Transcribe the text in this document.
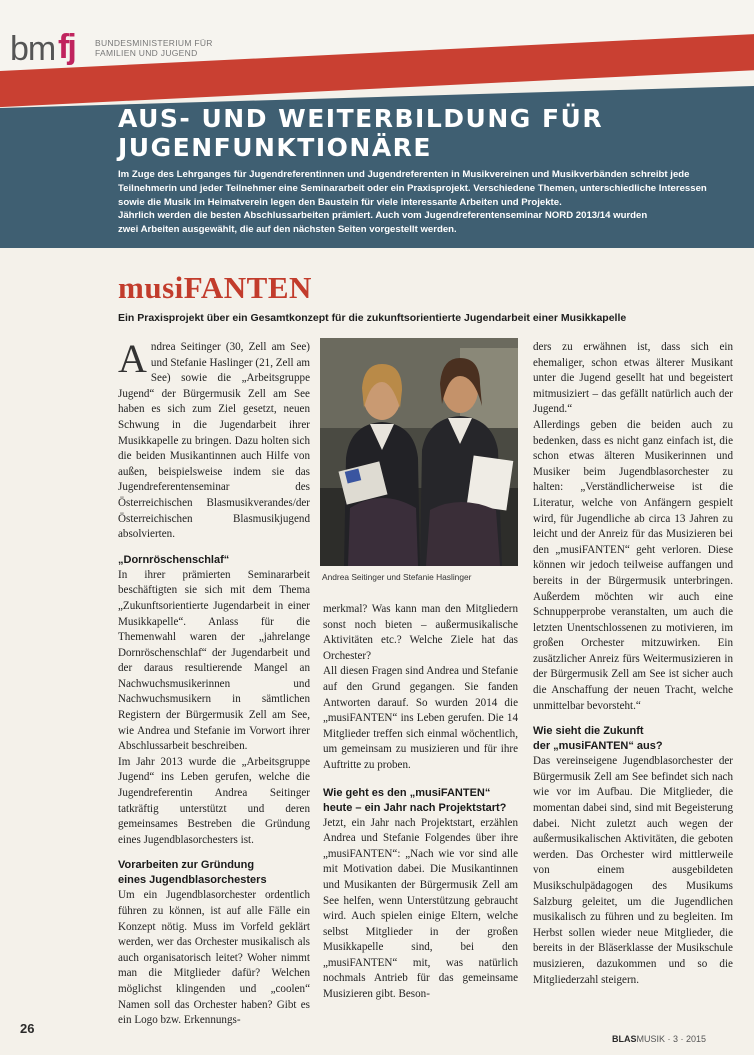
bm fj BUNDESMINISTERIUM FÜR
FAMILIEN UND JUGEND
AUS- UND WEITERBILDUNG FÜR
JUGENFUNKTIONÄRE
Im Zuge des Lehrganges für Jugendreferentinnen und Jugendreferenten in Musikvereinen und Musikverbänden schreibt jede
Teilnehmerin und jeder Teilnehmer eine Seminararbeit oder ein Praxisprojekt. Verschiedene Themen, unterschiedliche Interessen
sowie die Musik im Heimatverein legen den Baustein für viele interessante Arbeiten und Projekte.
Jährlich werden die besten Abschlussarbeiten prämiert. Auch vom Jugendreferentenseminar NORD 2013/14 wurden
zwei Arbeiten ausgewählt, die auf den nächsten Seiten vorgestellt werden.
musiFANTEN
Ein Praxisprojekt über ein Gesamtkonzept für die zukunftsorientierte Jugendarbeit einer Musikkapelle

Andrea Seitinger (30, Zell am See) und Stefanie Haslinger (21, Zell am See) sowie die „Arbeitsgruppe Jugend“ der Bürgermusik Zell am See haben es sich zum Ziel gesetzt, neuen Schwung in die Jugendarbeit ihrer Musikkapelle zu bringen. Dazu holten sich die beiden Musikantinnen auch Hilfe von außen, beispielsweise indem sie das Jugendreferentenseminar des Österreichischen Blasmusikverandes/der Österreichischen Blasmusikjugend absolvierten.

„Dornröschenschlaf“

In ihrer prämierten Seminararbeit beschäftigten sie sich mit dem Thema „Zukunftsorientierte Jugendarbeit in einer Musikkapelle“. Anlass für die Themenwahl waren der „jahrelange Dornröschenschlaf“ der Jugendarbeit und der daraus resultierende Mangel an Nachwuchsmusikerinnen und Nachwuchsmusikern in sämtlichen Registern der Bürgermusik Zell am See, wie Andrea und Stefanie im Vorwort ihrer Abschlussarbeit beschreiben.

Im Jahr 2013 wurde die „Arbeitsgruppe Jugend“ ins Leben gerufen, welche die Jugendreferentin Andrea Seitinger tatkräftig unterstützt und deren gemeinsames Bestreben die Gründung eines Jugendblasorchesters ist.

Vorarbeiten zur Gründung
eines Jugendblasorchesters

Um ein Jugendblasorchester ordentlich führen zu können, ist auf alle Fälle ein Konzept nötig. Muss im Vorfeld geklärt werden, wer das Orchester musikalisch als auch organisatorisch leitet? Woher nimmt man die Mitglieder dafür? Welchen möglichst klingenden und „coolen“ Namen soll das Orchester haben? Gibt es ein Logo bzw. Erkennungs-

Andrea Seitinger und Stefanie Haslinger

merkmal? Was kann man den Mitgliedern sonst noch bieten – außermusikalische Aktivitäten etc.? Welche Ziele hat das Orchester?

All diesen Fragen sind Andrea und Stefanie auf den Grund gegangen. Sie fanden Antworten darauf. So wurden 2014 die „musiFANTEN“ ins Leben gerufen. Die 14 Mitglieder treffen sich einmal wöchentlich, um gemeinsam zu musizieren und für ihre Auftritte zu proben.

Wie geht es den „musiFANTEN“
heute – ein Jahr nach Projektstart?

Jetzt, ein Jahr nach Projektstart, erzählen Andrea und Stefanie Folgendes über ihre „musiFANTEN“: „Nach wie vor sind alle mit Motivation dabei. Die Musikantinnen und Musikanten der Bürgermusik Zell am See helfen, wenn Unterstützung gebraucht wird. Auch spielen einige Eltern, welche selbst Mitglieder in der großen Musikkapelle sind, bei den „musiFANTEN“ mit, was natürlich nochmals Antrieb für das gemeinsame Musizieren gibt. Beson-

ders zu erwähnen ist, dass sich ein ehemaliger, schon etwas älterer Musikant unter die Jugend gesellt hat und begeistert mitmusiziert – das gefällt natürlich auch der Jugend.“

Allerdings geben die beiden auch zu bedenken, dass es nicht ganz einfach ist, die schon etwas älteren Musikerinnen und Musiker beim Jugendblasorchester zu halten: „Verständlicherweise ist die Literatur, welche von Anfängern gespielt wird, für Jugendliche ab circa 13 Jahren zu leicht und der Anreiz für das Musizieren bei den „musiFANTEN“ geht verloren. Diese können wir jedoch teilweise auffangen und bereits in der Bürgermusik unterbringen. Außerdem möchten wir auch eine Schnupperprobe veranstalten, um auch die letzten Unentschlossenen zu motivieren, im großen Orchester mitzuwirken. Ein zusätzlicher Anreiz fürs Weitermusizieren in der Bürgermusik Zell am See ist sicher auch die Anschaffung der neuen Tracht, welche unmittelbar bevorsteht.“

Wie sieht die Zukunft
der „musiFANTEN“ aus?

Das vereinseigene Jugendblasorchester der Bürgermusik Zell am See befindet sich nach wie vor im Aufbau. Die Mitglieder, die momentan dabei sind, sind mit Begeisterung dabei. Nicht zuletzt auch wegen der außermusikalischen Aktivitäten, die geboten werden. Das Orchester wird mittlerweile von einem ausgebildeten Musikschulpädagogen des Musikums Salzburg geleitet, um die Jugendlichen musikalisch zu führen und zu begleiten. Im Herbst sollen wieder neue Mitglieder, die bereits in der Bläserklasse der Musikschule musizieren, dazukommen und so die Mitgliederzahl steigern.

26
BLASMUSIK · 3 · 2015
